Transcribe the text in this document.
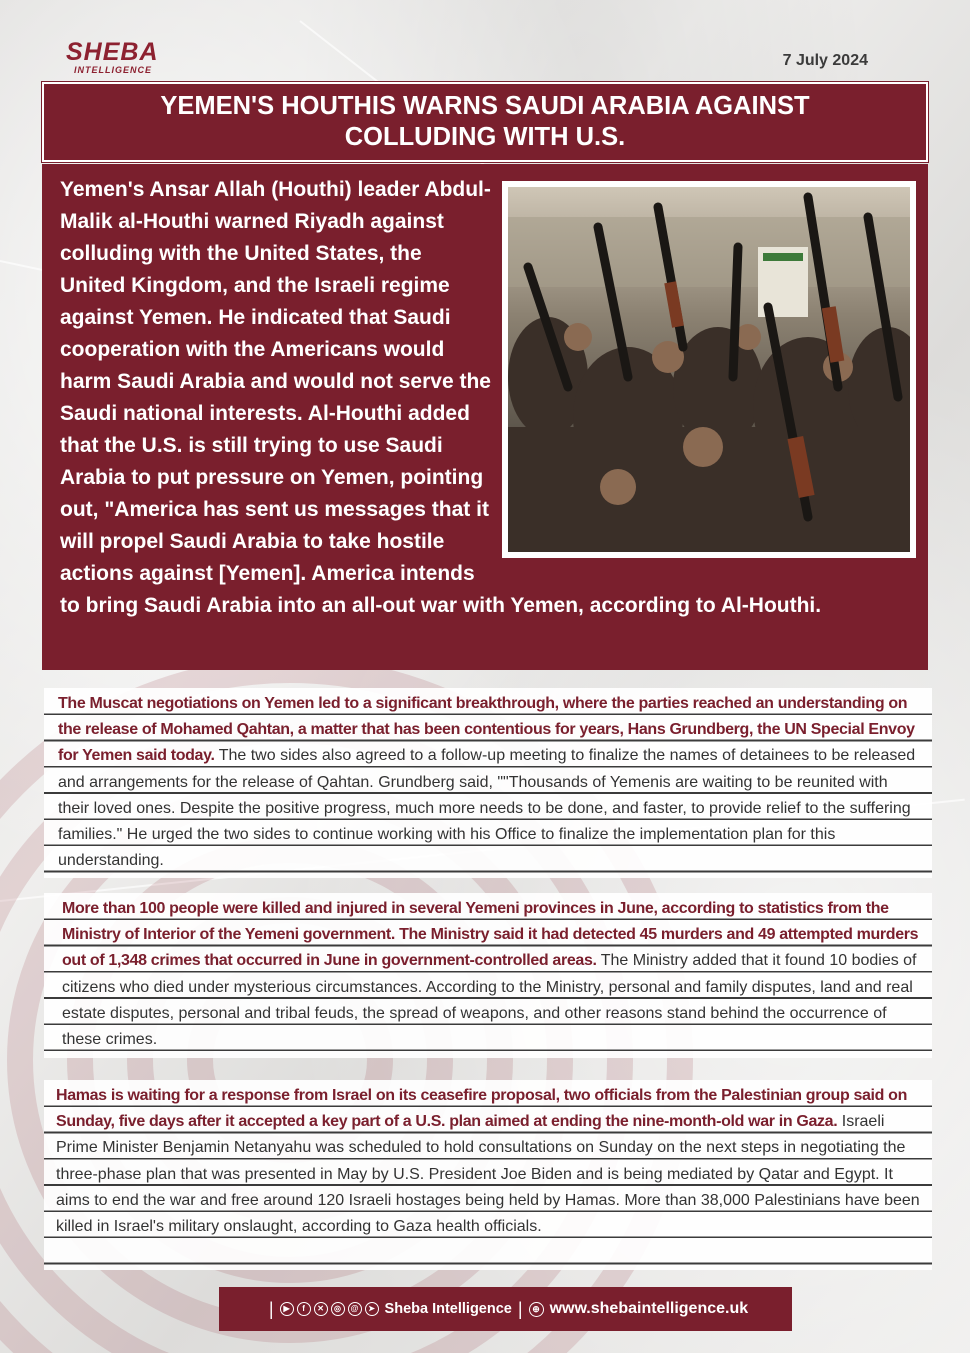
SHEBA
INTELLIGENCE
7 July 2024
YEMEN'S HOUTHIS WARNS SAUDI ARABIA AGAINST COLLUDING WITH U.S.
Yemen's Ansar Allah (Houthi) leader Abdul-Malik al-Houthi warned Riyadh against colluding with the United States, the United Kingdom, and the Israeli regime against Yemen. He indicated that Saudi cooperation with the Americans would harm Saudi Arabia and would not serve the Saudi national interests. Al-Houthi added that the U.S. is still trying to use Saudi Arabia to put pressure on Yemen, pointing out, "America has sent us messages that it will propel Saudi Arabia to take hostile actions against [Yemen]. America intends to bring Saudi Arabia into an all-out war with Yemen, according to Al-Houthi.
The Muscat negotiations on Yemen led to a significant breakthrough, where the parties reached an understanding on the release of Mohamed Qahtan, a matter that has been contentious for years, Hans Grundberg, the UN Special Envoy for Yemen said today. The two sides also agreed to a follow-up meeting to finalize the names of detainees to be released and arrangements for the release of Qahtan. Grundberg said, ""Thousands of Yemenis are waiting to be reunited with their loved ones. Despite the positive progress, much more needs to be done, and faster, to provide relief to the suffering families." He urged the two sides to continue working with his Office to finalize the implementation plan for this understanding.
More than 100 people were killed and injured in several Yemeni provinces in June, according to statistics from the Ministry of Interior of the Yemeni government. The Ministry said it had detected 45 murders and 49 attempted murders out of 1,348 crimes that occurred in June in government-controlled areas. The Ministry added that it found 10 bodies of citizens who died under mysterious circumstances. According to the Ministry, personal and family disputes, land and real estate disputes, personal and tribal feuds, the spread of weapons, and other reasons stand behind the occurrence of these crimes.
Hamas is waiting for a response from Israel on its ceasefire proposal, two officials from the Palestinian group said on Sunday, five days after it accepted a key part of a U.S. plan aimed at ending the nine-month-old war in Gaza. Israeli Prime Minister Benjamin Netanyahu was scheduled to hold consultations on Sunday on the next steps in negotiating the three-phase plan that was presented in May by U.S. President Joe Biden and is being mediated by Qatar and Egypt. It aims to end the war and free around 120 Israeli hostages being held by Hamas. More than 38,000 Palestinians have been killed in Israel's military onslaught, according to Gaza health officials.
|	▶	f	✕	◎	@	➤ Sheba Intelligence |	⊕ www.shebaintelligence.uk
